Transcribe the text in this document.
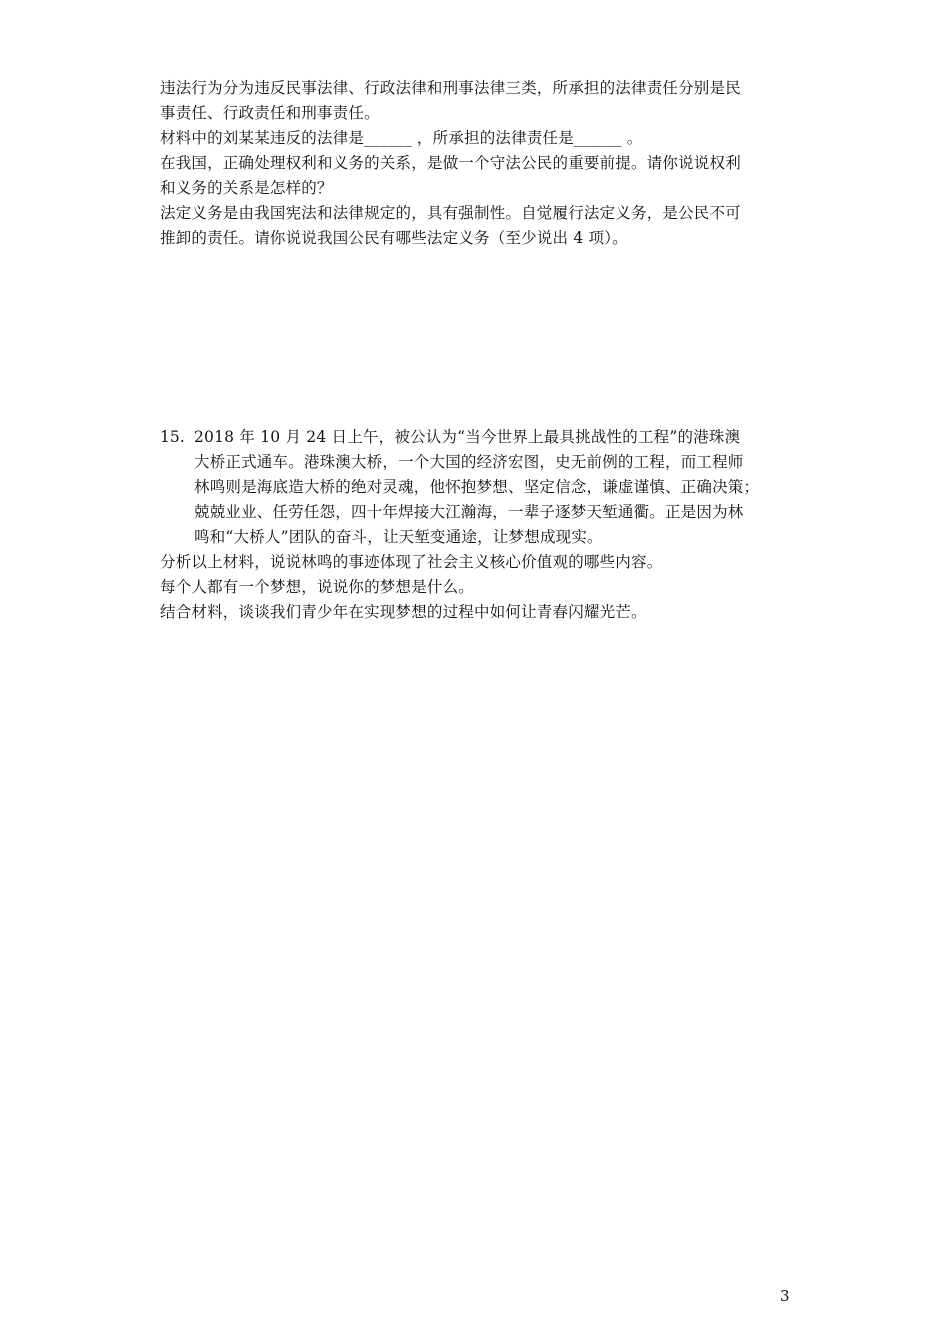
违法行为分为违反民事法律、行政法律和刑事法律三类，所承担的法律责任分别是民
事责任、行政责任和刑事责任。
材料中的刘某某违反的法律是______ ，所承担的法律责任是______ 。
在我国，正确处理权利和义务的关系，是做一个守法公民的重要前提。请你说说权利
和义务的关系是怎样的？
法定义务是由我国宪法和法律规定的，具有强制性。自觉履行法定义务，是公民不可
推卸的责任。请你说说我国公民有哪些法定义务（至少说出 4 项）。
15. 2018 年 10 月 24 日上午，被公认为“当今世界上最具挑战性的工程”的港珠澳
大桥正式通车。港珠澳大桥，一个大国的经济宏图，史无前例的工程，而工程师
林鸣则是海底造大桥的绝对灵魂，他怀抱梦想、坚定信念，谦虚谨慎、正确决策；
兢兢业业、任劳任怨，四十年焊接大江瀚海，一辈子逐梦天堑通衢。正是因为林
鸣和“大桥人”团队的奋斗，让天堑变通途，让梦想成现实。
分析以上材料，说说林鸣的事迹体现了社会主义核心价值观的哪些内容。
每个人都有一个梦想，说说你的梦想是什么。
结合材料，谈谈我们青少年在实现梦想的过程中如何让青春闪耀光芒。
3
